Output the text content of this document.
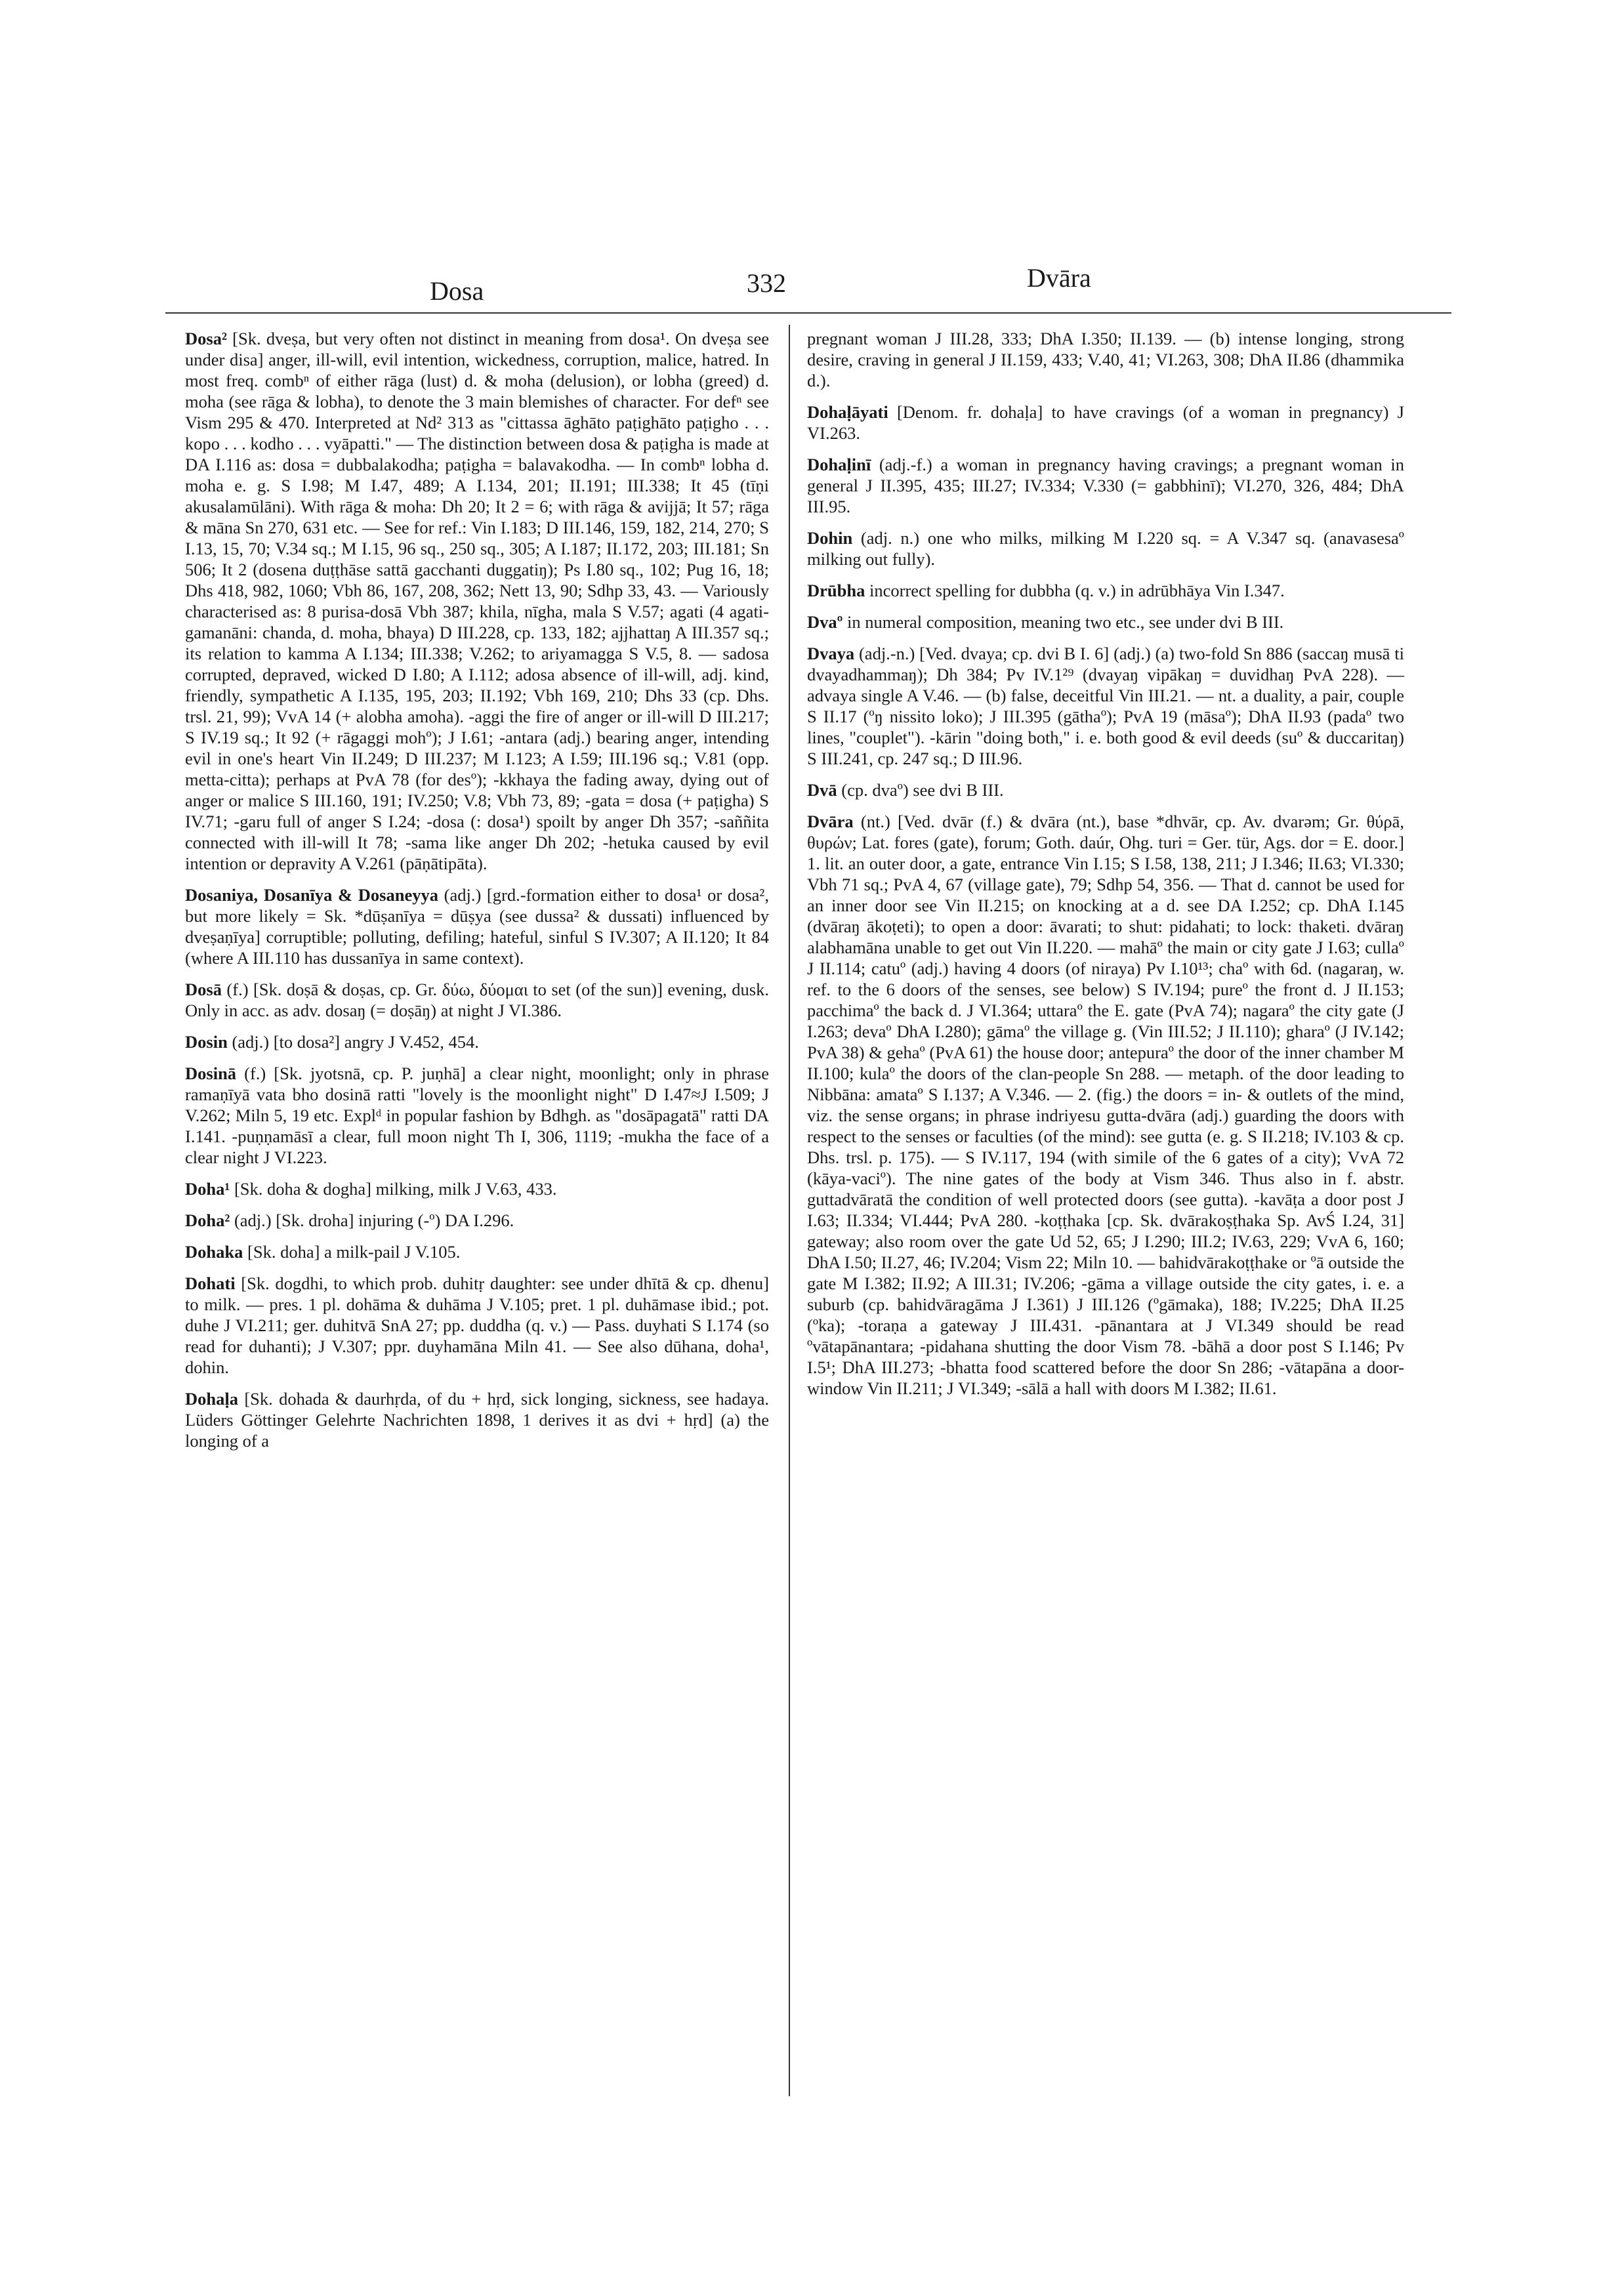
Dosa	332	Dvāra

Dosa² [Sk. dveṣa, but very often not distinct in meaning from dosa¹. On dveṣa see under disa] anger, ill-will, evil intention, wickedness, corruption, malice, hatred. In most freq. combⁿ of either rāga (lust) d. & moha (delusion), or lobha (greed) d. moha (see rāga & lobha), to denote the 3 main blemishes of character. For defⁿ see Vism 295 & 470. Interpreted at Nd² 313 as "cittassa āghāto paṭighāto paṭigho . . . kopo . . . kodho . . . vyāpatti." — The distinction between dosa & paṭigha is made at DA I.116 as: dosa = dubbalakodha; paṭigha = balavakodha. — In combⁿ lobha d. moha e. g. S I.98; M I.47, 489; A I.134, 201; II.191; III.338; It 45 (tīṇi akusalamūlāni). With rāga & moha: Dh 20; It 2 = 6; with rāga & avijjā; It 57; rāga & māna Sn 270, 631 etc. — See for ref.: Vin I.183; D III.146, 159, 182, 214, 270; S I.13, 15, 70; V.34 sq.; M I.15, 96 sq., 250 sq., 305; A I.187; II.172, 203; III.181; Sn 506; It 2 (dosena duṭṭhāse sattā gacchanti duggatiŋ); Ps I.80 sq., 102; Pug 16, 18; Dhs 418, 982, 1060; Vbh 86, 167, 208, 362; Nett 13, 90; Sdhp 33, 43. — Variously characterised as: 8 purisa-dosā Vbh 387; khila, nīgha, mala S V.57; agati (4 agati-gamanāni: chanda, d. moha, bhaya) D III.228, cp. 133, 182; ajjhattaŋ A III.357 sq.; its relation to kamma A I.134; III.338; V.262; to ariyamagga S V.5, 8. — sadosa corrupted, depraved, wicked D I.80; A I.112; adosa absence of ill-will, adj. kind, friendly, sympathetic A I.135, 195, 203; II.192; Vbh 169, 210; Dhs 33 (cp. Dhs. trsl. 21, 99); VvA 14 (+ alobha amoha). -aggi the fire of anger or ill-will D III.217; S IV.19 sq.; It 92 (+ rāgaggi mohº); J I.61; -antara (adj.) bearing anger, intending evil in one's heart Vin II.249; D III.237; M I.123; A I.59; III.196 sq.; V.81 (opp. metta-citta); perhaps at PvA 78 (for desº); -kkhaya the fading away, dying out of anger or malice S III.160, 191; IV.250; V.8; Vbh 73, 89; -gata = dosa (+ paṭigha) S IV.71; -garu full of anger S I.24; -dosa (: dosa¹) spoilt by anger Dh 357; -saññita connected with ill-will It 78; -sama like anger Dh 202; -hetuka caused by evil intention or depravity A V.261 (pāṇātipāta).

Dosaniya, Dosanīya & Dosaneyya (adj.) [grd.-formation either to dosa¹ or dosa², but more likely = Sk. *dūṣanīya = dūṣya (see dussa² & dussati) influenced by dveṣaṇīya] corruptible; polluting, defiling; hateful, sinful S IV.307; A II.120; It 84 (where A III.110 has dussanīya in same context).

Dosā (f.) [Sk. doṣā & doṣas, cp. Gr. δύω, δύομαι to set (of the sun)] evening, dusk. Only in acc. as adv. dosaŋ (= doṣāŋ) at night J VI.386.

Dosin (adj.) [to dosa²] angry J V.452, 454.

Dosinā (f.) [Sk. jyotsnā, cp. P. juṇhā] a clear night, moonlight; only in phrase ramaṇīyā vata bho dosinā ratti "lovely is the moonlight night" D I.47≈J I.509; J V.262; Miln 5, 19 etc. Explᵈ in popular fashion by Bdhgh. as "dosāpagatā" ratti DA I.141. -puṇṇamāsī a clear, full moon night Th I, 306, 1119; -mukha the face of a clear night J VI.223.

Doha¹ [Sk. doha & dogha] milking, milk J V.63, 433.

Doha² (adj.) [Sk. droha] injuring (-º) DA I.296.

Dohaka [Sk. doha] a milk-pail J V.105.

Dohati [Sk. dogdhi, to which prob. duhitṛ daughter: see under dhītā & cp. dhenu] to milk. — pres. 1 pl. dohāma & duhāma J V.105; pret. 1 pl. duhāmase ibid.; pot. duhe J VI.211; ger. duhitvā SnA 27; pp. duddha (q. v.) — Pass. duyhati S I.174 (so read for duhanti); J V.307; ppr. duyhamāna Miln 41. — See also dūhana, doha¹, dohin.

Dohaḷa [Sk. dohada & daurhṛda, of du + hṛd, sick longing, sickness, see hadaya. Lüders Göttinger Gelehrte Nachrichten 1898, 1 derives it as dvi + hṛd] (a) the longing of a

pregnant woman J III.28, 333; DhA I.350; II.139. — (b) intense longing, strong desire, craving in general J II.159, 433; V.40, 41; VI.263, 308; DhA II.86 (dhammika d.).

Dohaḷāyati [Denom. fr. dohaḷa] to have cravings (of a woman in pregnancy) J VI.263.

Dohaḷinī (adj.-f.) a woman in pregnancy having cravings; a pregnant woman in general J II.395, 435; III.27; IV.334; V.330 (= gabbhinī); VI.270, 326, 484; DhA III.95.

Dohin (adj. n.) one who milks, milking M I.220 sq. = A V.347 sq. (anavasesaº milking out fully).

Drūbha incorrect spelling for dubbha (q. v.) in adrūbhāya Vin I.347.

Dvaº in numeral composition, meaning two etc., see under dvi B III.

Dvaya (adj.-n.) [Ved. dvaya; cp. dvi B I. 6] (adj.) (a) two-fold Sn 886 (saccaŋ musā ti dvayadhammaŋ); Dh 384; Pv IV.1²⁹ (dvayaŋ vipākaŋ = duvidhaŋ PvA 228). — advaya single A V.46. — (b) false, deceitful Vin III.21. — nt. a duality, a pair, couple S II.17 (ºŋ nissito loko); J III.395 (gāthaº); PvA 19 (māsaº); DhA II.93 (padaº two lines, "couplet"). -kārin "doing both," i. e. both good & evil deeds (suº & duccaritaŋ) S III.241, cp. 247 sq.; D III.96.

Dvā (cp. dvaº) see dvi B III.

Dvāra (nt.) [Ved. dvār (f.) & dvāra (nt.), base *dhvār, cp. Av. dvarəm; Gr. θύρā, θυρών; Lat. fores (gate), forum; Goth. daúr, Ohg. turi = Ger. tür, Ags. dor = E. door.] 1. lit. an outer door, a gate, entrance Vin I.15; S I.58, 138, 211; J I.346; II.63; VI.330; Vbh 71 sq.; PvA 4, 67 (village gate), 79; Sdhp 54, 356. — That d. cannot be used for an inner door see Vin II.215; on knocking at a d. see DA I.252; cp. DhA I.145 (dvāraŋ ākoṭeti); to open a door: āvarati; to shut: pidahati; to lock: thaketi. dvāraŋ alabhamāna unable to get out Vin II.220. — mahāº the main or city gate J I.63; cullaº J II.114; catuº (adj.) having 4 doors (of niraya) Pv I.10¹³; chaº with 6d. (nagaraŋ, w. ref. to the 6 doors of the senses, see below) S IV.194; pureº the front d. J II.153; pacchimaº the back d. J VI.364; uttaraº the E. gate (PvA 74); nagaraº the city gate (J I.263; devaº DhA I.280); gāmaº the village g. (Vin III.52; J II.110); gharaº (J IV.142; PvA 38) & gehaº (PvA 61) the house door; antepuraº the door of the inner chamber M II.100; kulaº the doors of the clan-people Sn 288. — metaph. of the door leading to Nibbāna: amataº S I.137; A V.346. — 2. (fig.) the doors = in- & outlets of the mind, viz. the sense organs; in phrase indriyesu gutta-dvāra (adj.) guarding the doors with respect to the senses or faculties (of the mind): see gutta (e. g. S II.218; IV.103 & cp. Dhs. trsl. p. 175). — S IV.117, 194 (with simile of the 6 gates of a city); VvA 72 (kāya-vaciº). The nine gates of the body at Vism 346. Thus also in f. abstr. guttadvāratā the condition of well protected doors (see gutta). -kavāṭa a door post J I.63; II.334; VI.444; PvA 280. -koṭṭhaka [cp. Sk. dvārakoṣṭhaka Sp. AvŚ I.24, 31] gateway; also room over the gate Ud 52, 65; J I.290; III.2; IV.63, 229; VvA 6, 160; DhA I.50; II.27, 46; IV.204; Vism 22; Miln 10. — bahidvārakoṭṭhake or ºā outside the gate M I.382; II.92; A III.31; IV.206; -gāma a village outside the city gates, i. e. a suburb (cp. bahidvāragāma J I.361) J III.126 (ºgāmaka), 188; IV.225; DhA II.25 (ºka); -toraṇa a gateway J III.431. -pānantara at J VI.349 should be read ºvātapānantara; -pidahana shutting the door Vism 78. -bāhā a door post S I.146; Pv I.5¹; DhA III.273; -bhatta food scattered before the door Sn 286; -vātapāna a door-window Vin II.211; J VI.349; -sālā a hall with doors M I.382; II.61.
